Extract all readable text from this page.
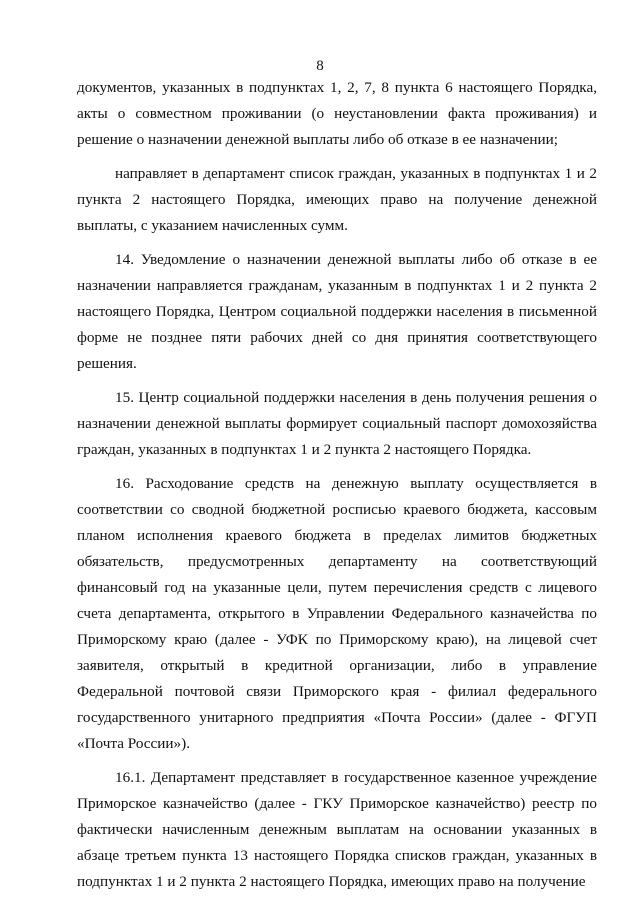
8

документов, указанных в подпунктах 1, 2, 7, 8 пункта 6 настоящего Порядка, акты о совместном проживании (о неустановлении факта проживания) и решение о назначении денежной выплаты либо об отказе в ее назначении;

направляет в департамент список граждан, указанных в подпунктах 1 и 2 пункта 2 настоящего Порядка, имеющих право на получение денежной выплаты, с указанием начисленных сумм.

14. Уведомление о назначении денежной выплаты либо об отказе в ее назначении направляется гражданам, указанным в подпунктах 1 и 2 пункта 2 настоящего Порядка, Центром социальной поддержки населения в письменной форме не позднее пяти рабочих дней со дня принятия соответствующего решения.

15. Центр социальной поддержки населения в день получения решения о назначении денежной выплаты формирует социальный паспорт домохозяйства граждан, указанных в подпунктах 1 и 2 пункта 2 настоящего Порядка.

16. Расходование средств на денежную выплату осуществляется в соответствии со сводной бюджетной росписью краевого бюджета, кассовым планом исполнения краевого бюджета в пределах лимитов бюджетных обязательств, предусмотренных департаменту на соответствующий финансовый год на указанные цели, путем перечисления средств с лицевого счета департамента, открытого в Управлении Федерального казначейства по Приморскому краю (далее - УФК по Приморскому краю), на лицевой счет заявителя, открытый в кредитной организации, либо в управление Федеральной почтовой связи Приморского края - филиал федерального государственного унитарного предприятия «Почта России» (далее - ФГУП «Почта России»).

16.1. Департамент представляет в государственное казенное учреждение Приморское казначейство (далее - ГКУ Приморское казначейство) реестр по фактически начисленным денежным выплатам на основании указанных в абзаце третьем пункта 13 настоящего Порядка списков граждан, указанных в подпунктах 1 и 2 пункта 2 настоящего Порядка, имеющих право на получение
